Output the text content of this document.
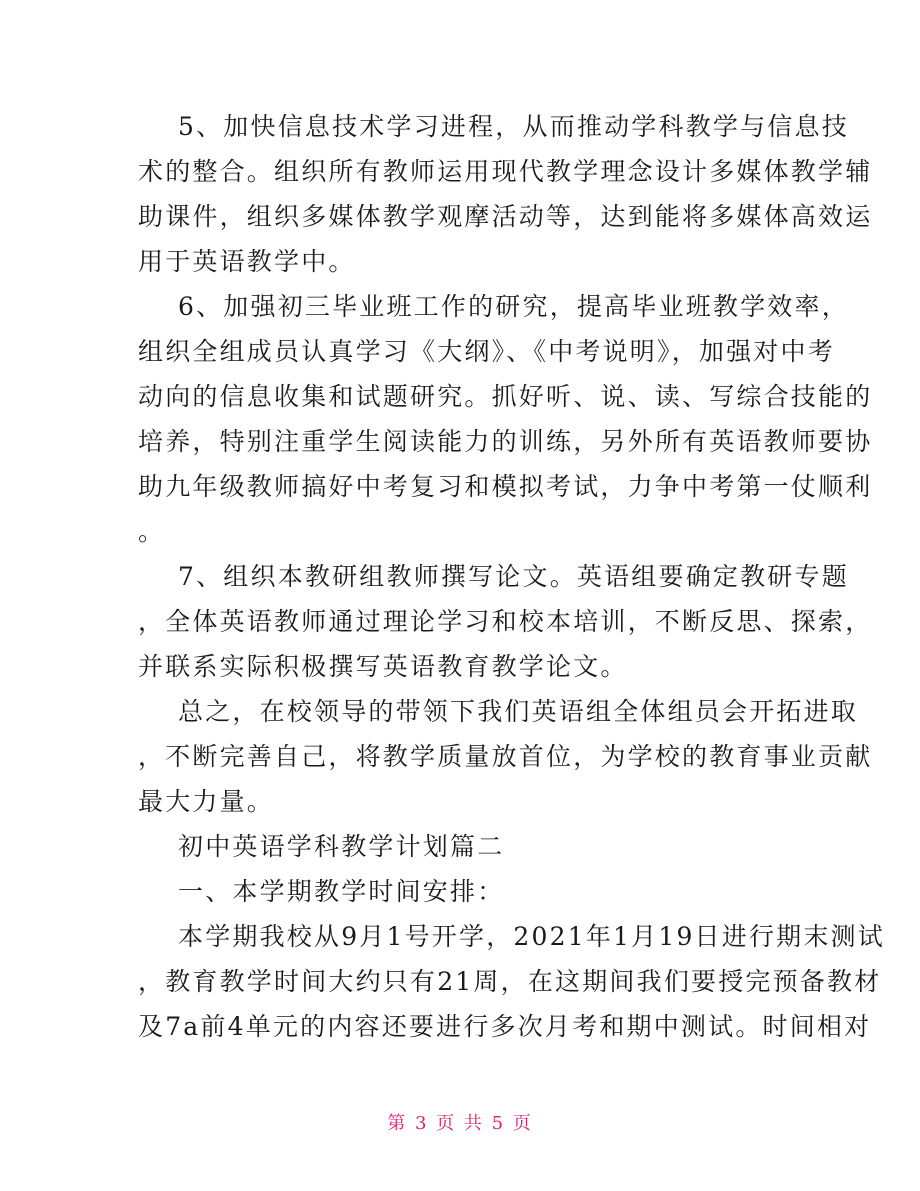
5、加快信息技术学习进程，从而推动学科教学与信息技
术的整合。组织所有教师运用现代教学理念设计多媒体教学辅
助课件，组织多媒体教学观摩活动等，达到能将多媒体高效运
用于英语教学中。
6、加强初三毕业班工作的研究，提高毕业班教学效率，
组织全组成员认真学习《大纲》、《中考说明》，加强对中考
动向的信息收集和试题研究。抓好听、说、读、写综合技能的
培养，特别注重学生阅读能力的训练，另外所有英语教师要协
助九年级教师搞好中考复习和模拟考试，力争中考第一仗顺利
。
7、组织本教研组教师撰写论文。英语组要确定教研专题
，全体英语教师通过理论学习和校本培训，不断反思、探索，
并联系实际积极撰写英语教育教学论文。
总之，在校领导的带领下我们英语组全体组员会开拓进取
，不断完善自己，将教学质量放首位，为学校的教育事业贡献
最大力量。
初中英语学科教学计划篇二
一、本学期教学时间安排：
本学期我校从9月1号开学，2021年1月19日进行期末测试
，教育教学时间大约只有21周，在这期间我们要授完预备教材
及7a前4单元的内容还要进行多次月考和期中测试。时间相对
第 3 页 共 5 页
